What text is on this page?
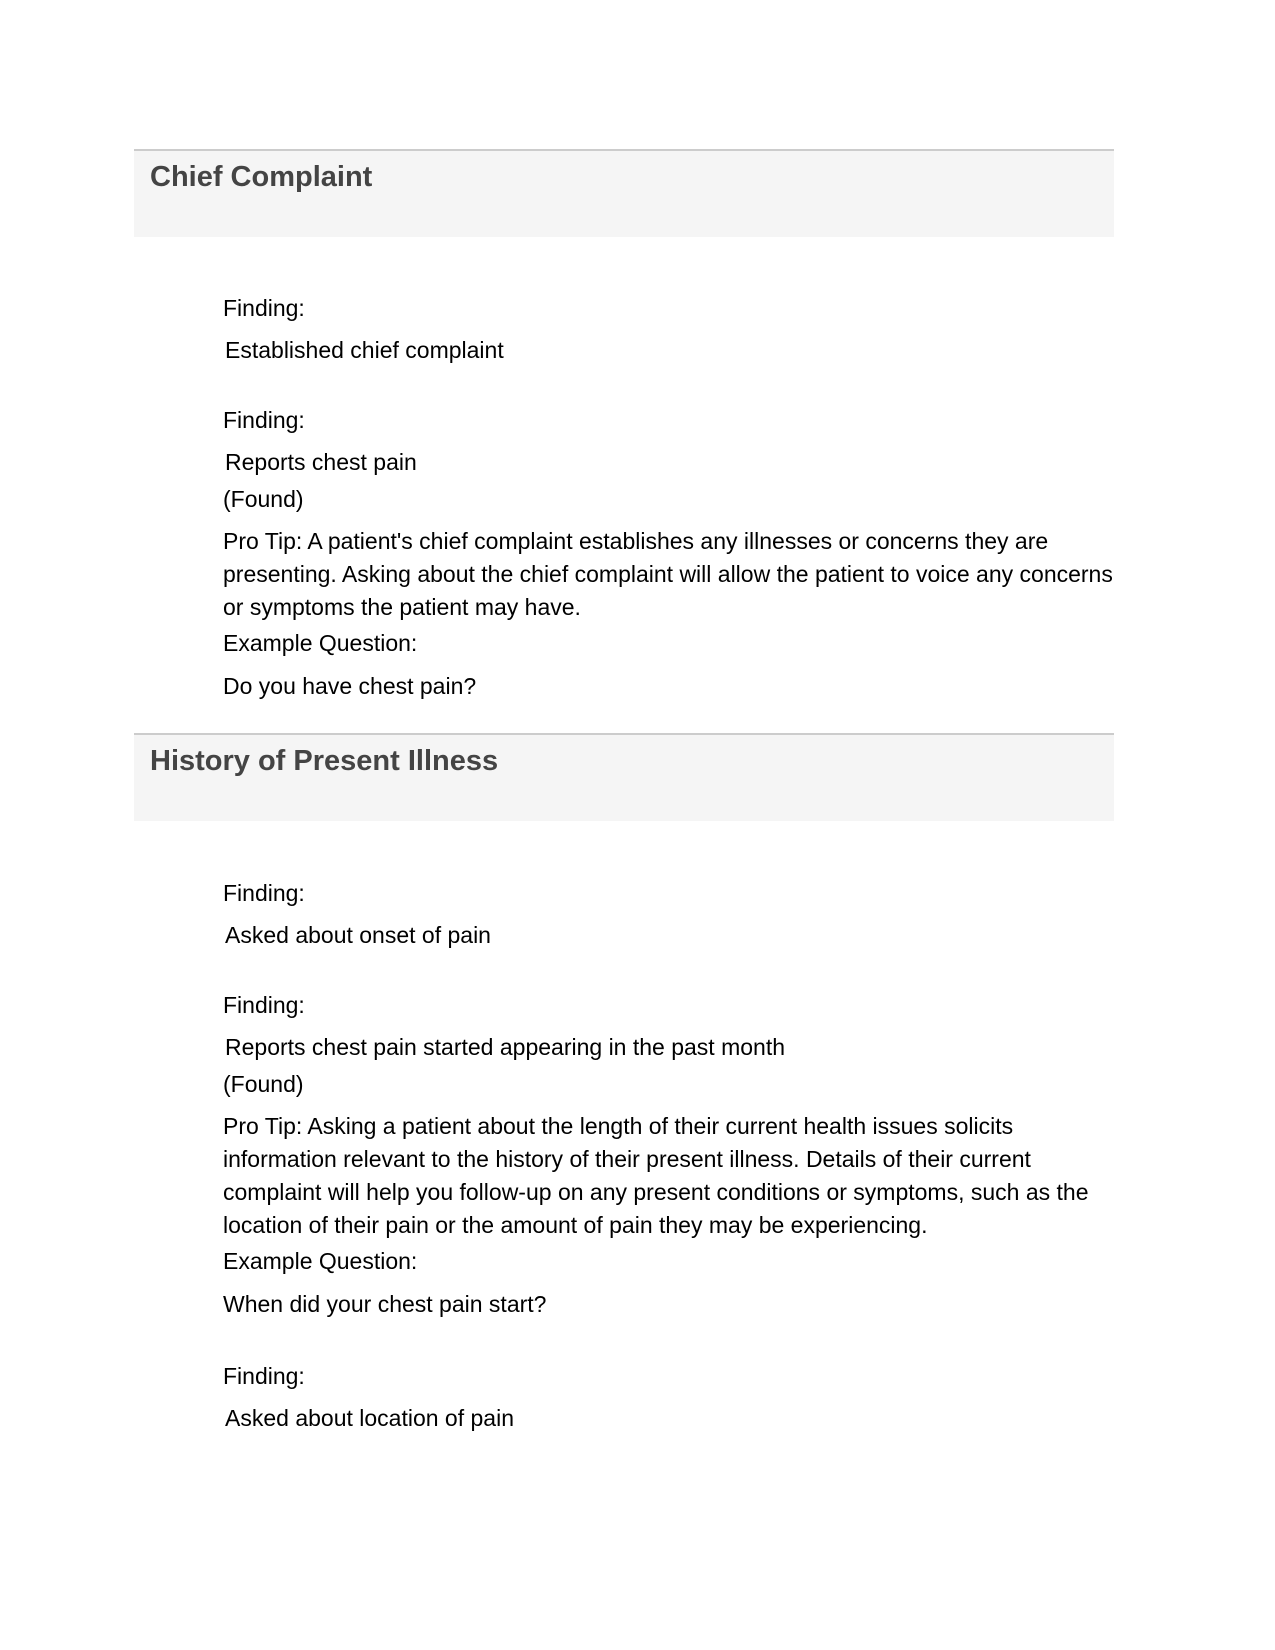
Chief Complaint

Finding:

Established chief complaint

Finding:

Reports chest pain

(Found)

Pro Tip: A patient's chief complaint establishes any illnesses or concerns they are presenting. Asking about the chief complaint will allow the patient to voice any concerns or symptoms the patient may have.

Example Question:

Do you have chest pain?

History of Present Illness

Finding:

Asked about onset of pain

Finding:

Reports chest pain started appearing in the past month

(Found)

Pro Tip: Asking a patient about the length of their current health issues solicits information relevant to the history of their present illness. Details of their current complaint will help you follow-up on any present conditions or symptoms, such as the location of their pain or the amount of pain they may be experiencing.

Example Question:

When did your chest pain start?

Finding:

Asked about location of pain
